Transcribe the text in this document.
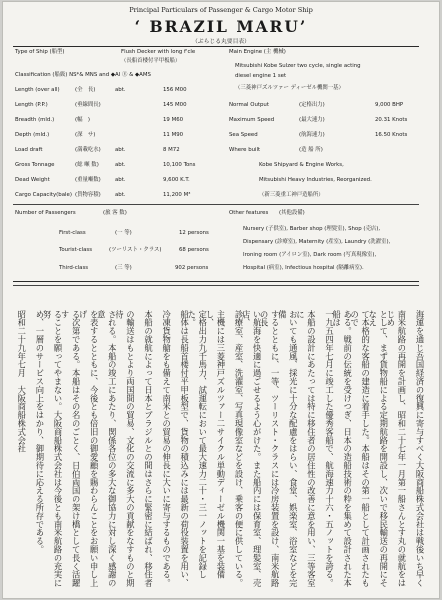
Principal Particulars of Passenger & Cargo Motor Ship
‘ BRAZIL MARU’
（ぶらじる丸要目表）
Type of Ship (船型)	Flush Decker with long f'cle
（長船首楼付平甲板船）
Classification (船級) NS*& MNS and ◆AI Ⓔ & ◆AMS
Length (over all)	(全　長)	abt.	156 M00
Length (P.P.)	(垂線間長)	145 M00
Breadth (mld.)	(幅　)	19 M60
Depth (mld.)	(深　サ)	11 M90
Load draft	(満載吃水)	abt.	8 M72
Gross Tonnage	(総 噸 数)	abt.	10,100 Tons
Dead Weight	(重量噸数)	abt.	9,600 K.T.
Cargo Capacity(bale) (貨物容積)	abt.	11,200 M³
Main Engine (主 機械)
Mitsubishi Kobe Sulzer two cycle, single acting
diesel engine 1 set
（三菱神戸ズルツァー ディーゼル機関一基）
Normal Output	(定格出力)	9,000 BHP
Maximum Speed	(最大速力)	20.31 Knots
Sea Speed	(航海速力)	16.50 Knots
Where built	(造 船 所)
Kobe Shipyard & Engine Works,
Mitsubishi Heavy Industries, Reorganized.
（新三菱重工神戸造船所）
Number of Passengers	(旅 客 数)
First-class	(一 等)	12 persons
Tourist-class	(ツーリスト・クラス)	68 persons
Third-class	(三 等)	902 persons
Other features (其他設備)
Nursery (子供室), Barber shop (理髪室), Shop (売店),
Dispensary (診療室), Maternity (産室), Laundry (洗濯室),
Ironing room (アイロン室), Dark room (写真現像室),
Hospital (病室), Infectious hospital (隔離病室).
海運を通じ吾国経済の復興に寄与すべく大阪商船株式会社は戦後いち早く
南米航路の再開を計画し、昭和二十七年一月第一船さんとす丸の就航をはじめ
として、まず貨物船による定期航路を開設し、次いで移民輸送の再開にそなえ
て本格的な客船の建造に着手した。本船はその第一船として計画されたもので
ある。戦前の伝統を受けつぎ、日本の造船技術の粋を集めて設計された本船は
一九五四年七月に竣工した優秀客船で、航海速力十六・五ノットを誇る。
本船の設計にあたっては特に移住者の居住性の改善に意を用い、三等客室に
おいても通風、採光に十分な配慮をはらい、食堂、娯楽室、浴室などを完備
するとともに、一等、ツーリスト・クラスには冷房装置を設け、南米航路の長
い航海を快適に過ごせるよう心がけた。また船内には保育室、理髪室、売店、
診療室、産室、洗濯室、写真現像室などを設け、乗客の便に供している。
主機には三菱神戸ズルツァー二サイクル単動ディーゼル機関一基を装備し、
定格出力九千馬力、試運転において最大速力二十・三一ノットを記録した。
船体は長船首楼付平甲板型で、貨物の積込みには最新の荷役装置を用い、
冷凍貨物艙をも備えて南米との貿易の伸長に大いに寄与するものである。
本船の就航によって日本とブラジルとの間はさらに緊密に結ばれ、移住者
の輸送はもとより両国間の貿易、文化の交流に多大の貢献をなすものと期待
される。本船の竣工にあたり、関係各位の多大な御協力に対し深く感謝の意
を表するとともに、今後とも倍旧の御愛顧を賜わらんことをお願い申し上げ
る次第である。本船はその名のごとく、日伯両国の架け橋として長く活躍す
ることを願ってやまない。大阪商船株式会社は今後とも南米航路の充実に努
め、一層のサービス向上をはかり、御期待に応える所存である。
昭和二十九年七月　大阪商船株式会社
